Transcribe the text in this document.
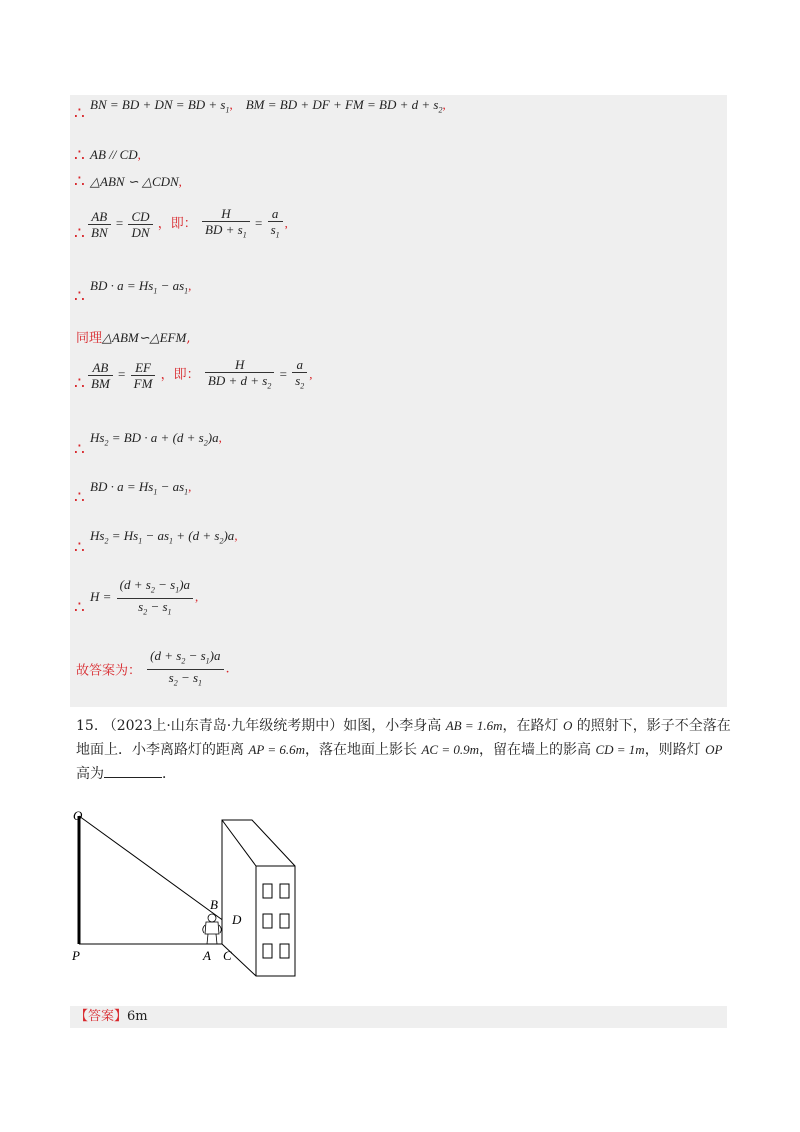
∴ BN = BD + DN = BD + $s_1$, BM = BD + DF + FM = BD + $d + s_2$,
∴ AB // CD,
∴ △ABN ∽ △CDN,
∴ $\frac{AB}{BN} = \frac{CD}{DN}$ ，即： $\frac{H}{BD + s_1} = \frac{a}{s_1}$ ,
∴
BD · $a = Hs_1 - as_1$,
同理△ABM∽△EFM,
∴ $\frac{AB}{BM} = \frac{EF}{FM}$ ，即： $\frac{H}{BD + d + s_2} = \frac{a}{s_2}$ ,
∴
$Hs_2$ = BD · $a + (d + s_2)a$,
∴
BD · $a = Hs_1 - as_1$,
∴
$Hs_2 = Hs_1 - as_1 + (d + s_2)a$,
∴
$H = \frac{(d + s_2 - s_1)a}{s_2 - s_1}$ ,
故答案为： $\frac{(d + s_2 - s_1)a}{s_2 - s_1}$ .
15. （2023上·山东青岛·九年级统考期中）如图，小李身高 AB = 1.6m，在路灯 O 的照射下，影子不全落在地面上．小李离路灯的距离 AP = 6.6m，落在地面上影长 AC = 0.9m，留在墙上的影高 CD = 1m，则路灯 OP 高为	．
O
P	A
B
C
D
【答案】6m
